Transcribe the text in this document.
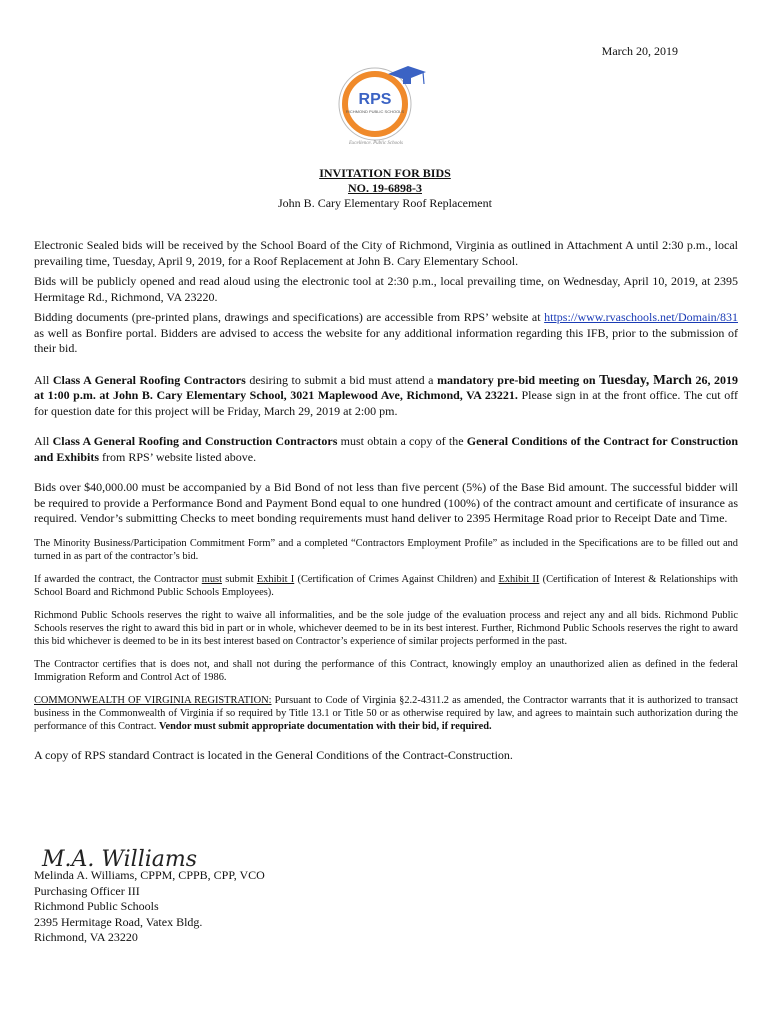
March 20, 2019
RPS
RICHMOND PUBLIC SCHOOLS
Excellence. Public Schools
INVITATION FOR BIDS
NO. 19-6898-3
John B. Cary Elementary Roof Replacement

Electronic Sealed bids will be received by the School Board of the City of Richmond, Virginia as outlined in Attachment A until 2:30 p.m., local prevailing time, Tuesday, April 9, 2019, for a Roof Replacement at John B. Cary Elementary School.

Bids will be publicly opened and read aloud using the electronic tool at 2:30 p.m., local prevailing time, on Wednesday, April 10, 2019, at 2395 Hermitage Rd., Richmond, VA 23220.

Bidding documents (pre-printed plans, drawings and specifications) are accessible from RPS’ website at https://www.rvaschools.net/Domain/831 as well as Bonfire portal. Bidders are advised to access the website for any additional information regarding this IFB, prior to the submission of their bid.

All Class A General Roofing Contractors desiring to submit a bid must attend a mandatory pre-bid meeting on Tuesday, March 26, 2019 at 1:00 p.m. at John B. Cary Elementary School, 3021 Maplewood Ave, Richmond, VA 23221. Please sign in at the front office. The cut off for question date for this project will be Friday, March 29, 2019 at 2:00 pm.

All Class A General Roofing and Construction Contractors must obtain a copy of the General Conditions of the Contract for Construction and Exhibits from RPS’ website listed above.

Bids over $40,000.00 must be accompanied by a Bid Bond of not less than five percent (5%) of the Base Bid amount. The successful bidder will be required to provide a Performance Bond and Payment Bond equal to one hundred (100%) of the contract amount and certificate of insurance as required. Vendor’s submitting Checks to meet bonding requirements must hand deliver to 2395 Hermitage Road prior to Receipt Date and Time.

The Minority Business/Participation Commitment Form” and a completed “Contractors Employment Profile” as included in the Specifications are to be filled out and turned in as part of the contractor’s bid.

If awarded the contract, the Contractor must submit Exhibit I (Certification of Crimes Against Children) and Exhibit II (Certification of Interest & Relationships with School Board and Richmond Public Schools Employees).

Richmond Public Schools reserves the right to waive all informalities, and be the sole judge of the evaluation process and reject any and all bids. Richmond Public Schools reserves the right to award this bid in part or in whole, whichever deemed to be in its best interest. Further, Richmond Public Schools reserves the right to award this bid whichever is deemed to be in its best interest based on Contractor’s experience of similar projects performed in the past.

The Contractor certifies that is does not, and shall not during the performance of this Contract, knowingly employ an unauthorized alien as defined in the federal Immigration Reform and Control Act of 1986.

COMMONWEALTH OF VIRGINIA REGISTRATION: Pursuant to Code of Virginia §2.2-4311.2 as amended, the Contractor warrants that it is authorized to transact business in the Commonwealth of Virginia if so required by Title 13.1 or Title 50 or as otherwise required by law, and agrees to maintain such authorization during the performance of this Contract. Vendor must submit appropriate documentation with their bid, if required.

A copy of RPS standard Contract is located in the General Conditions of the Contract-Construction.

M.A. Williams
Melinda A. Williams, CPPM, CPPB, CPP, VCO
Purchasing Officer III
Richmond Public Schools
2395 Hermitage Road, Vatex Bldg.
Richmond, VA 23220
